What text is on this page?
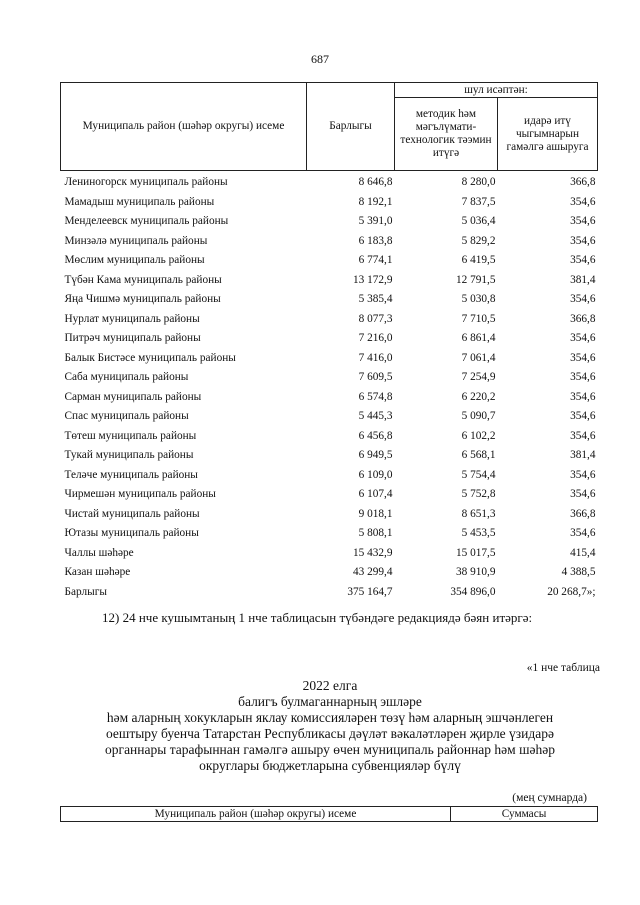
687
Муниципаль район (шәһәр округы) исеме	Барлыгы	шул исәптән:	
		методик һәм мәгълүмати-технологик тәэмин итүгә	идарә итү чыгымнарын гамәлгә ашыруга
Лениногорск муниципаль районы	8 646,8	8 280,0	366,8
Мамадыш муниципаль районы	8 192,1	7 837,5	354,6
Менделеевск муниципаль районы	5 391,0	5 036,4	354,6
Минзәлә муниципаль районы	6 183,8	5 829,2	354,6
Мөслим муниципаль районы	6 774,1	6 419,5	354,6
Түбән Кама муниципаль районы	13 172,9	12 791,5	381,4
Яңа Чишмә муниципаль районы	5 385,4	5 030,8	354,6
Нурлат муниципаль районы	8 077,3	7 710,5	366,8
Питрәч муниципаль районы	7 216,0	6 861,4	354,6
Балык Бистәсе муниципаль районы	7 416,0	7 061,4	354,6
Саба муниципаль районы	7 609,5	7 254,9	354,6
Сарман муниципаль районы	6 574,8	6 220,2	354,6
Спас муниципаль районы	5 445,3	5 090,7	354,6
Төтеш муниципаль районы	6 456,8	6 102,2	354,6
Тукай муниципаль районы	6 949,5	6 568,1	381,4
Теләче муниципаль районы	6 109,0	5 754,4	354,6
Чирмешән муниципаль районы	6 107,4	5 752,8	354,6
Чистай муниципаль районы	9 018,1	8 651,3	366,8
Ютазы муниципаль районы	5 808,1	5 453,5	354,6
Чаллы шәһәре	15 432,9	15 017,5	415,4
Казан шәһәре	43 299,4	38 910,9	4 388,5
Барлыгы	375 164,7	354 896,0	20 268,7»;
12) 24 нче кушымтаның 1 нче таблицасын түбәндәге редакциядә бәян итәргә:
«1 нче таблица
2022 елга
балигъ булмаганнарның эшләре
һәм аларның хокукларын яклау комиссияләрен төзү һәм аларның эшчәнлеген
оештыру буенча Татарстан Республикасы дәүләт вәкаләтләрен җирле үзидарә
органнары тарафыннан гамәлгә ашыру өчен муниципаль районнар һәм шәһәр
округлары бюджетларына субвенцияләр бүлү
(мең сумнарда)
Муниципаль район (шәһәр округы) исеме	Суммасы
